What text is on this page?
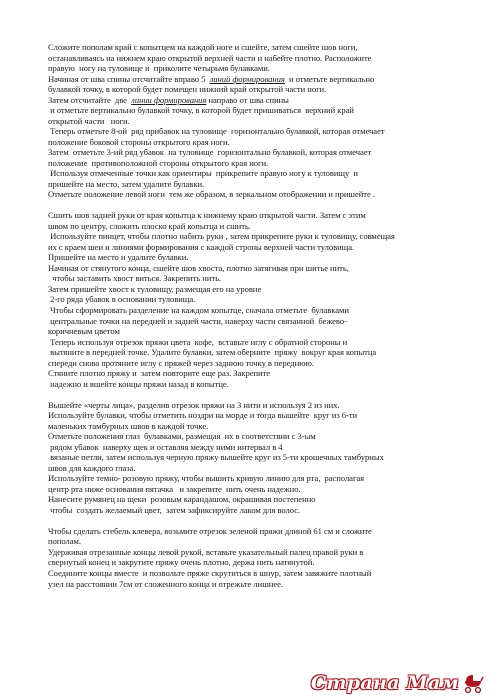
Сложите пополам край с копытцем на каждой ноге и сшейте, затем сшейте шов ноги,
останавливаясь на нижнем краю открытой верхней части и набейте плотно. Расположите
правую  ногу на туловище и  приколите четырьмя булавками.
Начиная от шва спины отсчитайте вправо 5  линий формирования  и отметьте вертикально
булавкой точку, в которой будет помещен нижний край открытой части ноги.
Затем отсчитайте  две  линии формирования направо от шва спины
и отметьте вертикально булавкой точку, в которой будет пришиваться  верхний край
открытой части   ноги.
Теперь отметьте 8-ой  ряд прибавок на туловище  горизонтально булавкой, которая отмечает
положение боковой стороны открытого края ноги.
Затем  отметьте 3-ий ряд убавок  на туловище  горизонтально булавкой, которая отмечает
положение  противоположной стороны открытого края ноги.
Используя отмеченные точки как ориентиры  прикрепите правую ногу к туловищу  и
пришейте на место, затем удалите булавки.
Отметьте положение левой ноги  тем же образом, в зеркальном отображении и пришейте .
Сшить шов задней руки от края копытца к нижнему краю открытой части. Затем с этим
швом по центру, сложить плоско край копытца и сшить.
Используйте пинцет, чтобы плотно набить руки , затем прикрепите руки к туловищу, совмещая
их с краем шеи и линиями формирования с каждой строны верхней части туловища.
Пришейте на место и удалите булавки.
Начиная от стянутого конца, сшейте шов хвоста, плотно затягивая при шитье нить,
чтобы заставить хвост виться. Закрепить нить.
Затем пришейте хвост к туловищу, размещая его на уровне
2-го ряда убавок в основании туловища.
Чтобы сформировать разделение на каждом копытце, сначала отметьте  булавками
центральные точки на передней и задней части, наверху части связанной  бежево-
коричневым цветом
Теперь используя отрезок пряжи цвета  кофе,  вставьте иглу с обратной стороны и
вытяните в передней точке. Удалите булавки, затем оберните  пряжу  вокруг края копытца
спереди снова протяните иглу с пряжей через заднюю точку в переднюю.
Стяните плотно пряжу и  затем повторите еще раз. Закрепите
надежно и вшейте концы пряжи назад в копытце.
Вышейте «черты лица», разделив отрезок пряжи на 3 нити и используя 2 из них.
Используйте булавки, чтобы отметить ноздри на морде и тогда вышейте  круг из 6-ти
маленьких тамбурных швов в каждой точке.
Отметьте положения глаз  булавками, размещая  их в соответствии с 3-ым
рядом убавок  наверху щек и оставляя между ними интервал в 4
вязаные петли, затем используя черную пряжу вышейте круг из 5-ти крошечных тамбурных
швов для каждого глаза.
Используйте темно- розовую пряжу, чтобы вышить кривую линию для рта,  располагая
центр рта ниже основания пятачка   и закрепите  нить очень надежно.
Нанесите румянец на щеки  розовым карандашом, окрашивая постепенно
чтобы  создать желаемый цвет,  затем зафиксируйте лаком для волос.
Чтобы сделать стебель клевера, возьмите отрезок зеленой пряжи длиной 61 см и сложите
пополам.
Удерживая отрезанные концы левой рукой, вставьте указательный палец правой руки в
свернутый конец и закрутите пряжу очень плотно, держа нить натянутой.
Соедините концы вместе  и позвольте пряже скрутиться в шнур, затем завяжите плотный
узел на расстоянии 7см от сложенного конца и отрежьте лишнее.
Страна Мам
